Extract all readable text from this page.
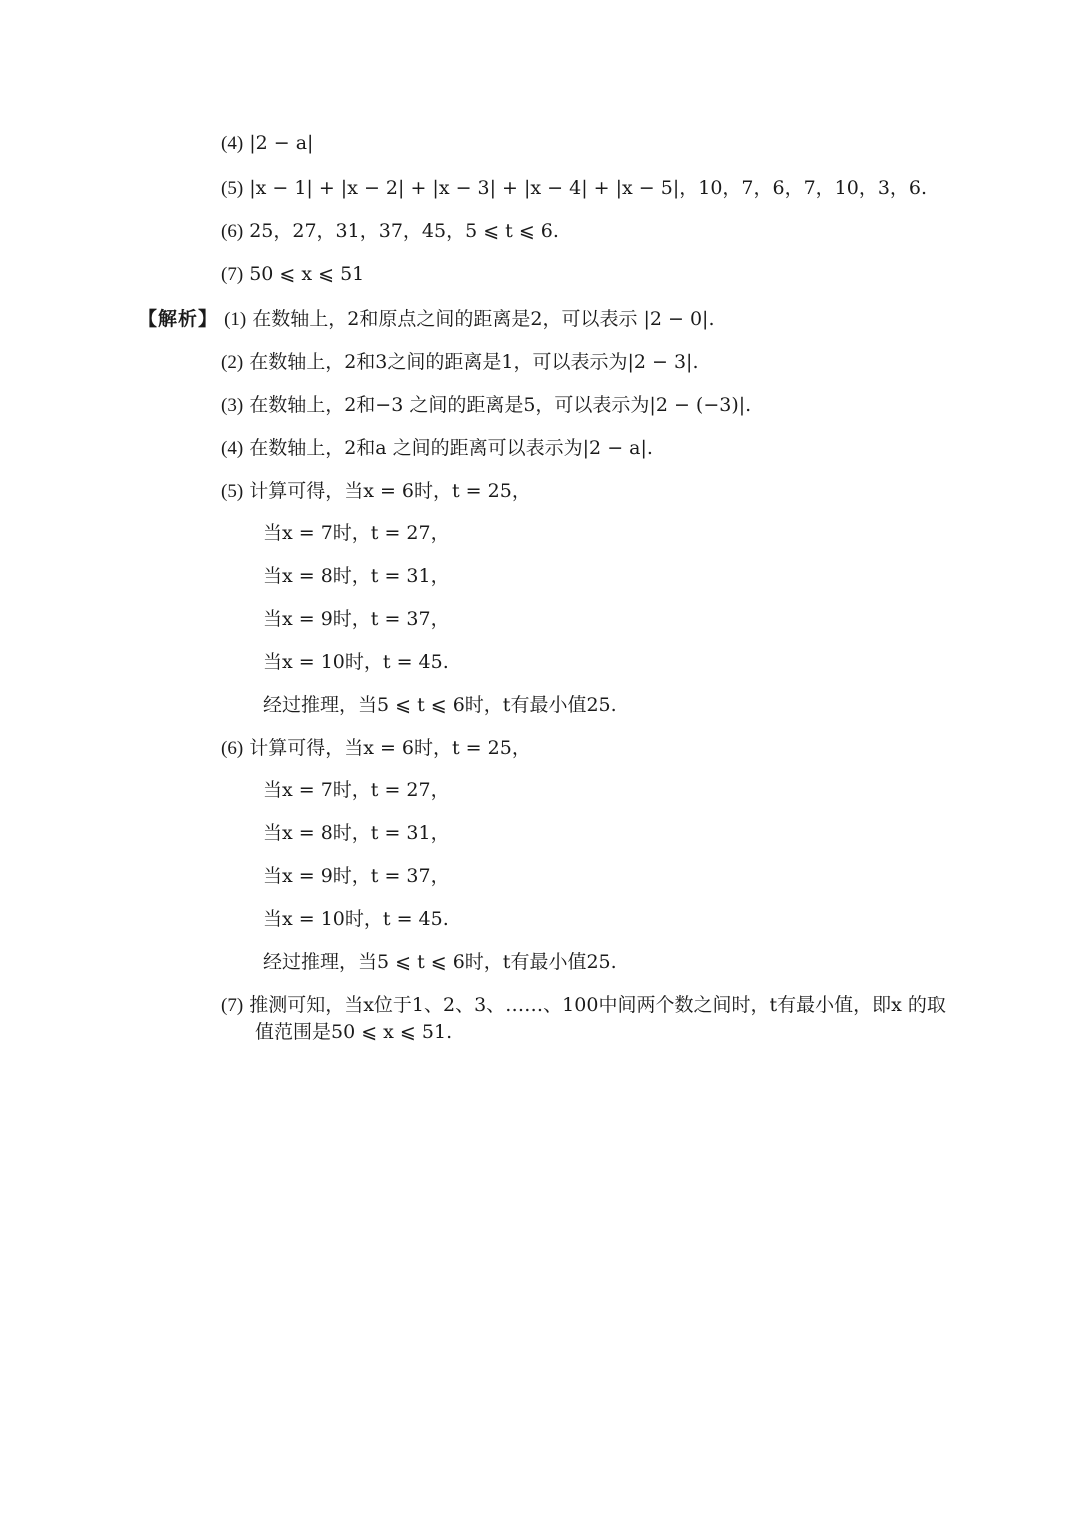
(4) |2 − a|
(5) |x − 1| + |x − 2| + |x − 3| + |x − 4| + |x − 5|，10，7，6，7，10，3，6.
(6) 25，27，31，37，45，5 ⩽ t ⩽ 6.
(7) 50 ⩽ x ⩽ 51
【解析】 (1) 在数轴上，2和原点之间的距离是2，可以表示 |2 − 0|.
(2) 在数轴上，2和3之间的距离是1，可以表示为|2 − 3|.
(3) 在数轴上，2和−3 之间的距离是5，可以表示为|2 − (−3)|.
(4) 在数轴上，2和a 之间的距离可以表示为|2 − a|.
(5) 计算可得，当x = 6时，t = 25，
当x = 7时，t = 27，
当x = 8时，t = 31，
当x = 9时，t = 37，
当x = 10时，t = 45.
经过推理，当5 ⩽ t ⩽ 6时，t有最小值25.
(6) 计算可得，当x = 6时，t = 25，
当x = 7时，t = 27，
当x = 8时，t = 31，
当x = 9时，t = 37，
当x = 10时，t = 45.
经过推理，当5 ⩽ t ⩽ 6时，t有最小值25.
(7) 推测可知，当x位于1、2、3、……、100中间两个数之间时，t有最小值，即x 的取
值范围是50 ⩽ x ⩽ 51.
